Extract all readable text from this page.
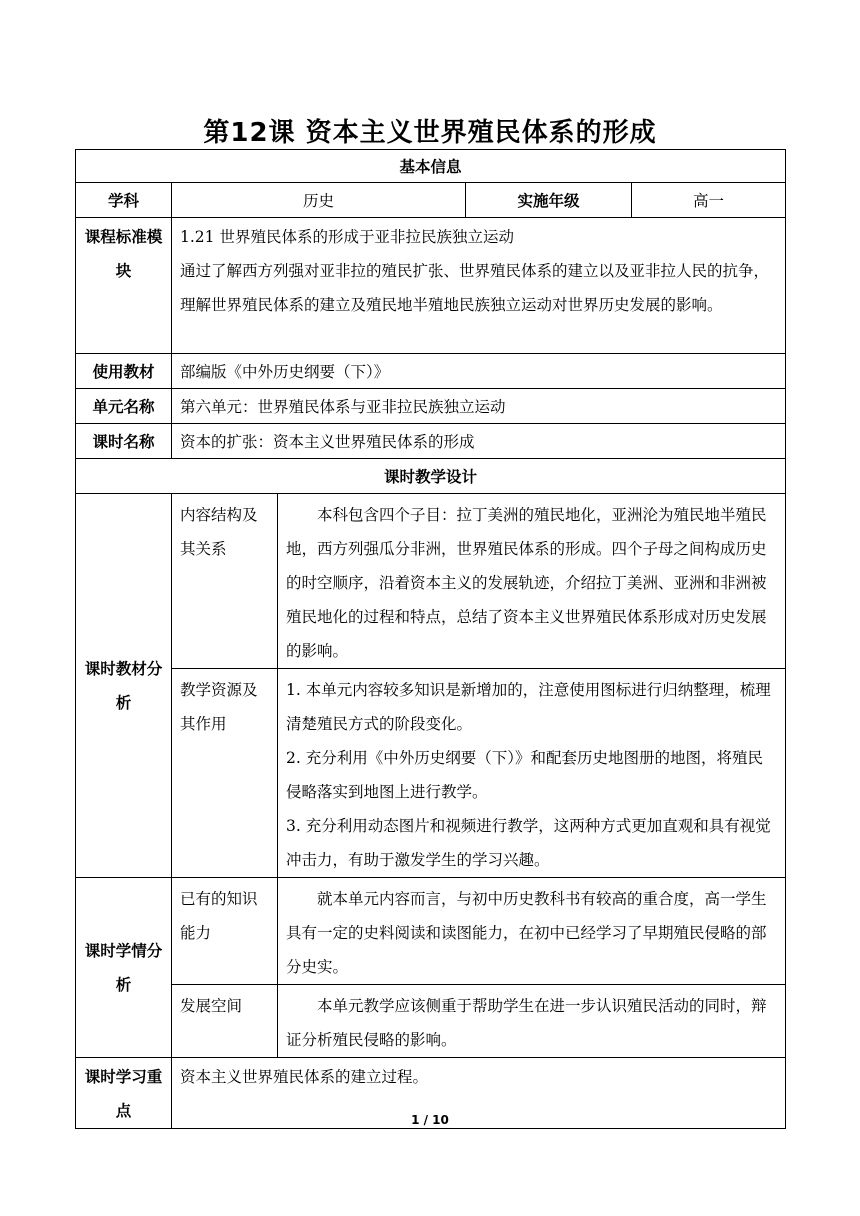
第12课 资本主义世界殖民体系的形成
基本信息				
学科	历史		实施年级	高一
课程标准模块	1.21 世界殖民体系的形成于亚非拉民族独立运动
通过了解西方列强对亚非拉的殖民扩张、世界殖民体系的建立以及亚非拉人民的抗争，理解世界殖民体系的建立及殖民地半殖地民族独立运动对世界历史发展的影响。			

使用教材	部编版《中外历史纲要（下）》			
单元名称	第六单元：世界殖民体系与亚非拉民族独立运动			
课时名称	资本的扩张：资本主义世界殖民体系的形成			
课时教学设计				
课时教材分析	内容结构及其关系	本科包含四个子目：拉丁美洲的殖民地化，亚洲沦为殖民地半殖民地，西方列强瓜分非洲，世界殖民体系的形成。四个子母之间构成历史的时空顺序，沿着资本主义的发展轨迹，介绍拉丁美洲、亚洲和非洲被殖民地化的过程和特点，总结了资本主义世界殖民体系形成对历史发展的影响。		
	教学资源及其作用	1. 本单元内容较多知识是新增加的，注意使用图标进行归纳整理，梳理清楚殖民方式的阶段变化。
2. 充分利用《中外历史纲要（下）》和配套历史地图册的地图，将殖民侵略落实到地图上进行教学。
3. 充分利用动态图片和视频进行教学，这两种方式更加直观和具有视觉冲击力，有助于激发学生的学习兴趣。		

课时学情分析	已有的知识能力	就本单元内容而言，与初中历史教科书有较高的重合度，高一学生具有一定的史料阅读和读图能力，在初中已经学习了早期殖民侵略的部分史实。		
	发展空间	本单元教学应该侧重于帮助学生在进一步认识殖民活动的同时，辩证分析殖民侵略的影响。		
课时学习重点	资本主义世界殖民体系的建立过程。			
1 / 10
